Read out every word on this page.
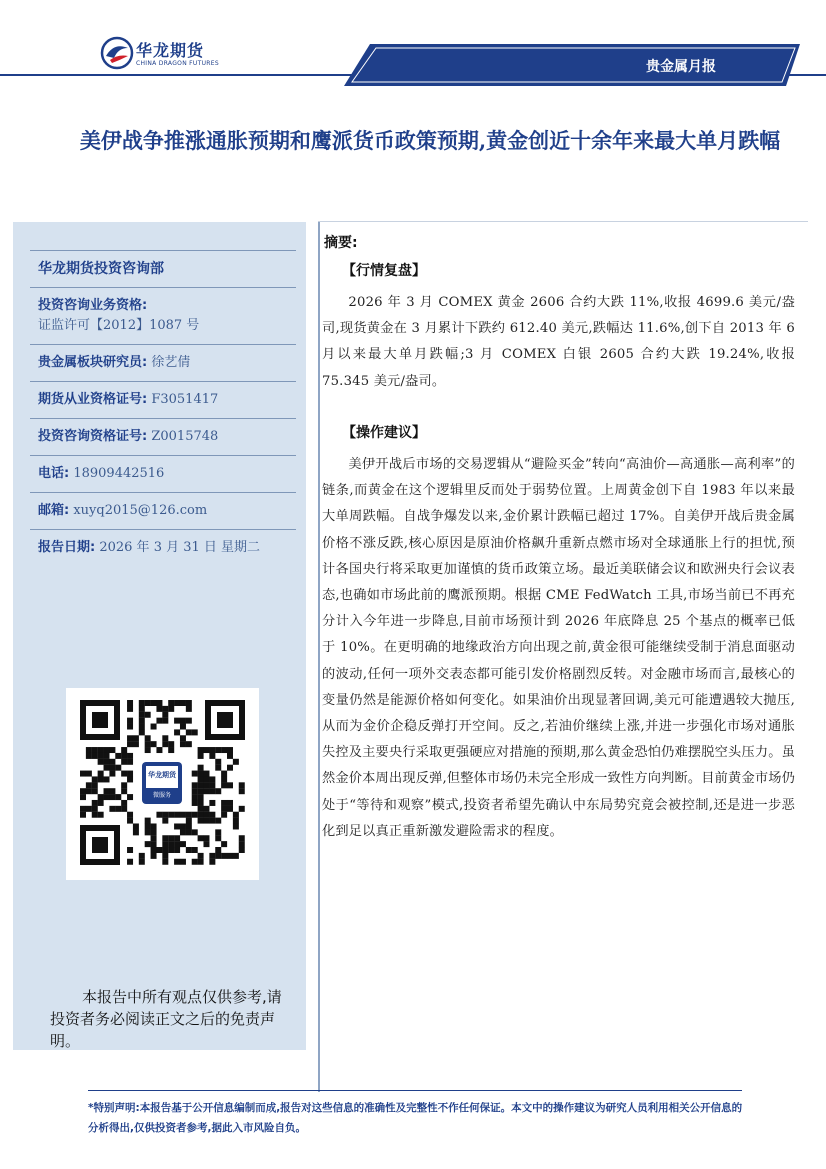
华龙期货
CHINA DRAGON FUTURES	贵金属月报
美伊战争推涨通胀预期和鹰派货币政策预期,黄金创近十余年来最大单月跌幅
华龙期货投资咨询部
投资咨询业务资格:
证监许可【2012】1087 号
贵金属板块研究员: 徐艺倩
期货从业资格证号: F3051417
投资咨询资格证号: Z0015748
电话: 18909442516
邮箱: xuyq2015@126.com
报告日期: 2026 年 3 月 31 日 星期二
华龙期货
微服务
本报告中所有观点仅供参考,请投资者务必阅读正文之后的免责声明。
摘要:
【行情复盘】
2026 年 3 月 COMEX 黄金 2606 合约大跌 11%,收报 4699.6 美元/盎司,现货黄金在 3 月累计下跌约 612.40 美元,跌幅达 11.6%,创下自 2013 年 6 月以来最大单月跌幅;3 月 COMEX 白银 2605 合约大跌 19.24%,收报 75.345 美元/盎司。
【操作建议】
美伊开战后市场的交易逻辑从“避险买金”转向“高油价—高通胀—高利率”的链条,而黄金在这个逻辑里反而处于弱势位置。上周黄金创下自 1983 年以来最大单周跌幅。自战争爆发以来,金价累计跌幅已超过 17%。自美伊开战后贵金属价格不涨反跌,核心原因是原油价格飙升重新点燃市场对全球通胀上行的担忧,预计各国央行将采取更加谨慎的货币政策立场。最近美联储会议和欧洲央行会议表态,也确如市场此前的鹰派预期。根据 CME FedWatch 工具,市场当前已不再充分计入今年进一步降息,目前市场预计到 2026 年底降息 25 个基点的概率已低于 10%。在更明确的地缘政治方向出现之前,黄金很可能继续受制于消息面驱动的波动,任何一项外交表态都可能引发价格剧烈反转。对金融市场而言,最核心的变量仍然是能源价格如何变化。如果油价出现显著回调,美元可能遭遇较大抛压,从而为金价企稳反弹打开空间。反之,若油价继续上涨,并进一步强化市场对通胀失控及主要央行采取更强硬应对措施的预期,那么黄金恐怕仍难摆脱空头压力。虽然金价本周出现反弹,但整体市场仍未完全形成一致性方向判断。目前黄金市场仍处于“等待和观察”模式,投资者希望先确认中东局势究竟会被控制,还是进一步恶化到足以真正重新激发避险需求的程度。
*特别声明:本报告基于公开信息编制而成,报告对这些信息的准确性及完整性不作任何保证。本文中的操作建议为研究人员利用相关公开信息的分析得出,仅供投资者参考,据此入市风险自负。
